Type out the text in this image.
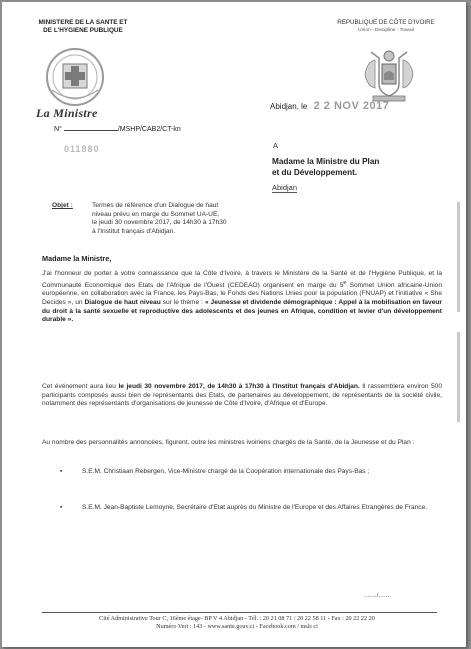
MINISTERE DE LA SANTE ET
DE L'HYGIENE PUBLIQUE
REPUBLIQUE DE CÔTE D'IVOIRE
Union - Discipline - Travail
La Ministre
N°	/MSHP/CAB2/CT-kn
011880
Abidjan, le 2 2 NOV 2017
A
Madame la Ministre du Plan
et du Développement.
Abidjan
Objet :	Termes de référence d'un Dialogue de haut
niveau prévu en marge du Sommet UA-UE,
le jeudi 30 novembre 2017, de 14h30 à 17h30
à l'Institut français d'Abidjan.
Madame la Ministre,
J'ai l'honneur de porter à votre connaissance que la Côte d'Ivoire, à travers le Ministère de la Santé et de l'Hygiène Publique, et la Communauté Economique des Etats de l'Afrique de l'Ouest (CEDEAO) organisent en marge du 5e Sommet Union africaine-Union européenne, en collaboration avec la France, les Pays-Bas, le Fonds des Nations Unies pour la population (FNUAP) et l'initiative « She Decides », un Dialogue de haut niveau sur le thème : « Jeunesse et dividende démographique : Appel à la mobilisation en faveur du droit à la santé sexuelle et reproductive des adolescents et des jeunes en Afrique, condition et levier d'un développement durable ».
Cet événement aura lieu le jeudi 30 novembre 2017, de 14h30 à 17h30 à l'Institut français d'Abidjan. Il rassemblera environ 500 participants composés aussi bien de représentants des Etats, de partenaires au développement, de représentants de la société civile, notamment des représentants d'organisations de jeunesse de Côte d'Ivoire, d'Afrique et d'Europe.
Au nombre des personnalités annoncées, figurent, outre les ministres ivoiriens chargés de la Santé, de la Jeunesse et du Plan :
▪	S.E.M. Christiaan Rebergen, Vice-Ministre chargé de la Coopération internationale des Pays-Bas ;
▪	S.E.M. Jean-Baptiste Lemoyne, Secrétaire d'Etat auprès du Ministre de l'Europe et des Affaires Etrangères de France.
......./......
Cité Administrative Tour C, 16ème étage- BP V 4 Abidjan - Tél. : 20 21 08 71 / 20 22 58 11 - Fax : 20 22 22 20
Numéro Vert : 143 - www.sante.gouv.ci - Facebook.com / msls ci
